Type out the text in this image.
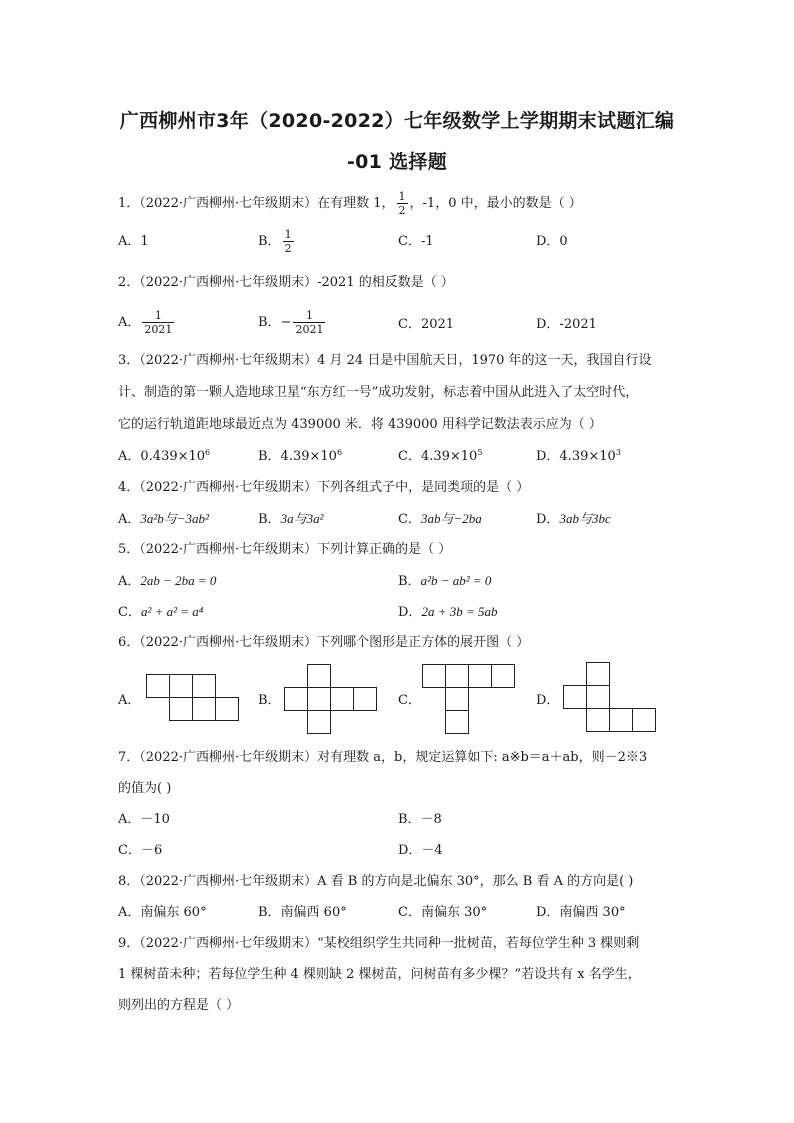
广西柳州市3年（2020-2022）七年级数学上学期期末试题汇编
-01 选择题
1．（2022·广西柳州·七年级期末）在有理数 1， $\frac{1}{2}$ ，-1，0 中，最小的数是（ ）
A．1	B． $\frac{1}{2}$	C．-1	D．0
2．（2022·广西柳州·七年级期末）-2021 的相反数是（ ）
A． $\frac{1}{2021}$	B．− $\frac{1}{2021}$	C．2021	D．-2021
3．（2022·广西柳州·七年级期末）4 月 24 日是中国航天日，1970 年的这一天，我国自行设
计、制造的第一颗人造地球卫星“东方红一号”成功发射，标志着中国从此进入了太空时代，
它的运行轨道距地球最近点为 439000 米．将 439000 用科学记数法表示应为（ ）
A．$0.439\times 10^6$	B．$4.39\times 10^6$	C．$4.39\times 10^5$	D．$4.39\times 10^3$
4．（2022·广西柳州·七年级期末）下列各组式子中，是同类项的是（ ）
A．3a²b与−3ab²	B．3a与3a²	C．3ab与−2ba	D．3ab与3bc
5．（2022·广西柳州·七年级期末）下列计算正确的是（ ）
A．2ab − 2ba = 0	B．a²b − ab² = 0
C．a² + a² = a⁴	D．2a + 3b = 5ab
6．（2022·广西柳州·七年级期末）下列哪个图形是正方体的展开图（ ）
A．	B．	C．	D．
7．（2022·广西柳州·七年级期末）对有理数 a，b，规定运算如下: a※b＝a＋ab，则－2※3
的值为( )
A．－10	B．－8
C．－6	D．－4
8．（2022·广西柳州·七年级期末）A 看 B 的方向是北偏东 30°，那么 B 看 A 的方向是( )
A．南偏东 60°	B．南偏西 60°	C．南偏东 30°	D．南偏西 30°
9．（2022·广西柳州·七年级期末）“某校组织学生共同种一批树苗，若每位学生种 3 棵则剩
1 棵树苗未种；若每位学生种 4 棵则缺 2 棵树苗，问树苗有多少棵？”若设共有 x 名学生，
则列出的方程是（ ）
